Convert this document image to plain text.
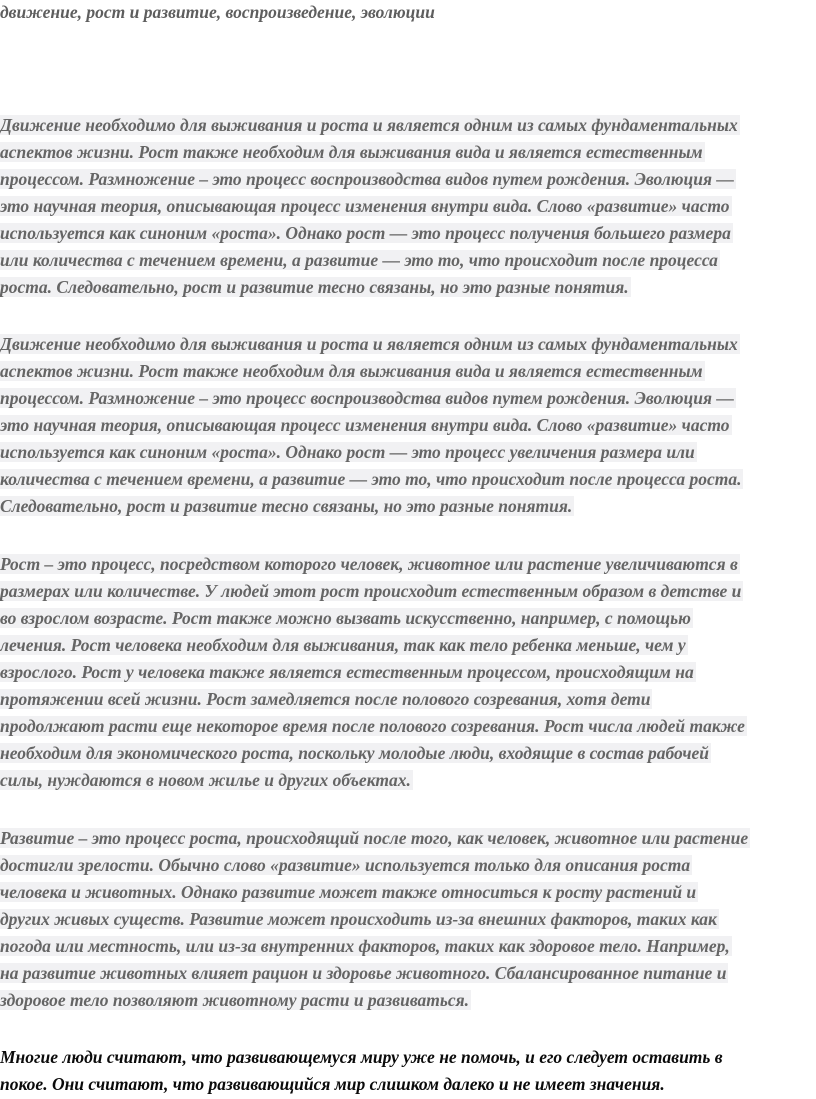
движение, рост и развитие, воспроизведение, эволюции

Движение необходимо для выживания и роста и является одним из самых фундаментальных
аспектов жизни. Рост также необходим для выживания вида и является естественным
процессом. Размножение – это процесс воспроизводства видов путем рождения. Эволюция —
это научная теория, описывающая процесс изменения внутри вида. Слово «развитие» часто
используется как синоним «роста». Однако рост — это процесс получения большего размера
или количества с течением времени, а развитие — это то, что происходит после процесса
роста. Следовательно, рост и развитие тесно связаны, но это разные понятия.

Движение необходимо для выживания и роста и является одним из самых фундаментальных
аспектов жизни. Рост также необходим для выживания вида и является естественным
процессом. Размножение – это процесс воспроизводства видов путем рождения. Эволюция —
это научная теория, описывающая процесс изменения внутри вида. Слово «развитие» часто
используется как синоним «роста». Однако рост — это процесс увеличения размера или
количества с течением времени, а развитие — это то, что происходит после процесса роста.
Следовательно, рост и развитие тесно связаны, но это разные понятия.

Рост – это процесс, посредством которого человек, животное или растение увеличиваются в
размерах или количестве. У людей этот рост происходит естественным образом в детстве и
во взрослом возрасте. Рост также можно вызвать искусственно, например, с помощью
лечения. Рост человека необходим для выживания, так как тело ребенка меньше, чем у
взрослого. Рост у человека также является естественным процессом, происходящим на
протяжении всей жизни. Рост замедляется после полового созревания, хотя дети
продолжают расти еще некоторое время после полового созревания. Рост числа людей также
необходим для экономического роста, поскольку молодые люди, входящие в состав рабочей
силы, нуждаются в новом жилье и других объектах.

Развитие – это процесс роста, происходящий после того, как человек, животное или растение
достигли зрелости. Обычно слово «развитие» используется только для описания роста
человека и животных. Однако развитие может также относиться к росту растений и
других живых существ. Развитие может происходить из-за внешних факторов, таких как
погода или местность, или из-за внутренних факторов, таких как здоровое тело. Например,
на развитие животных влияет рацион и здоровье животного. Сбалансированное питание и
здоровое тело позволяют животному расти и развиваться.

Многие люди считают, что развивающемуся миру уже не помочь, и его следует оставить в
покое. Они считают, что развивающийся мир слишком далеко и не имеет значения.
